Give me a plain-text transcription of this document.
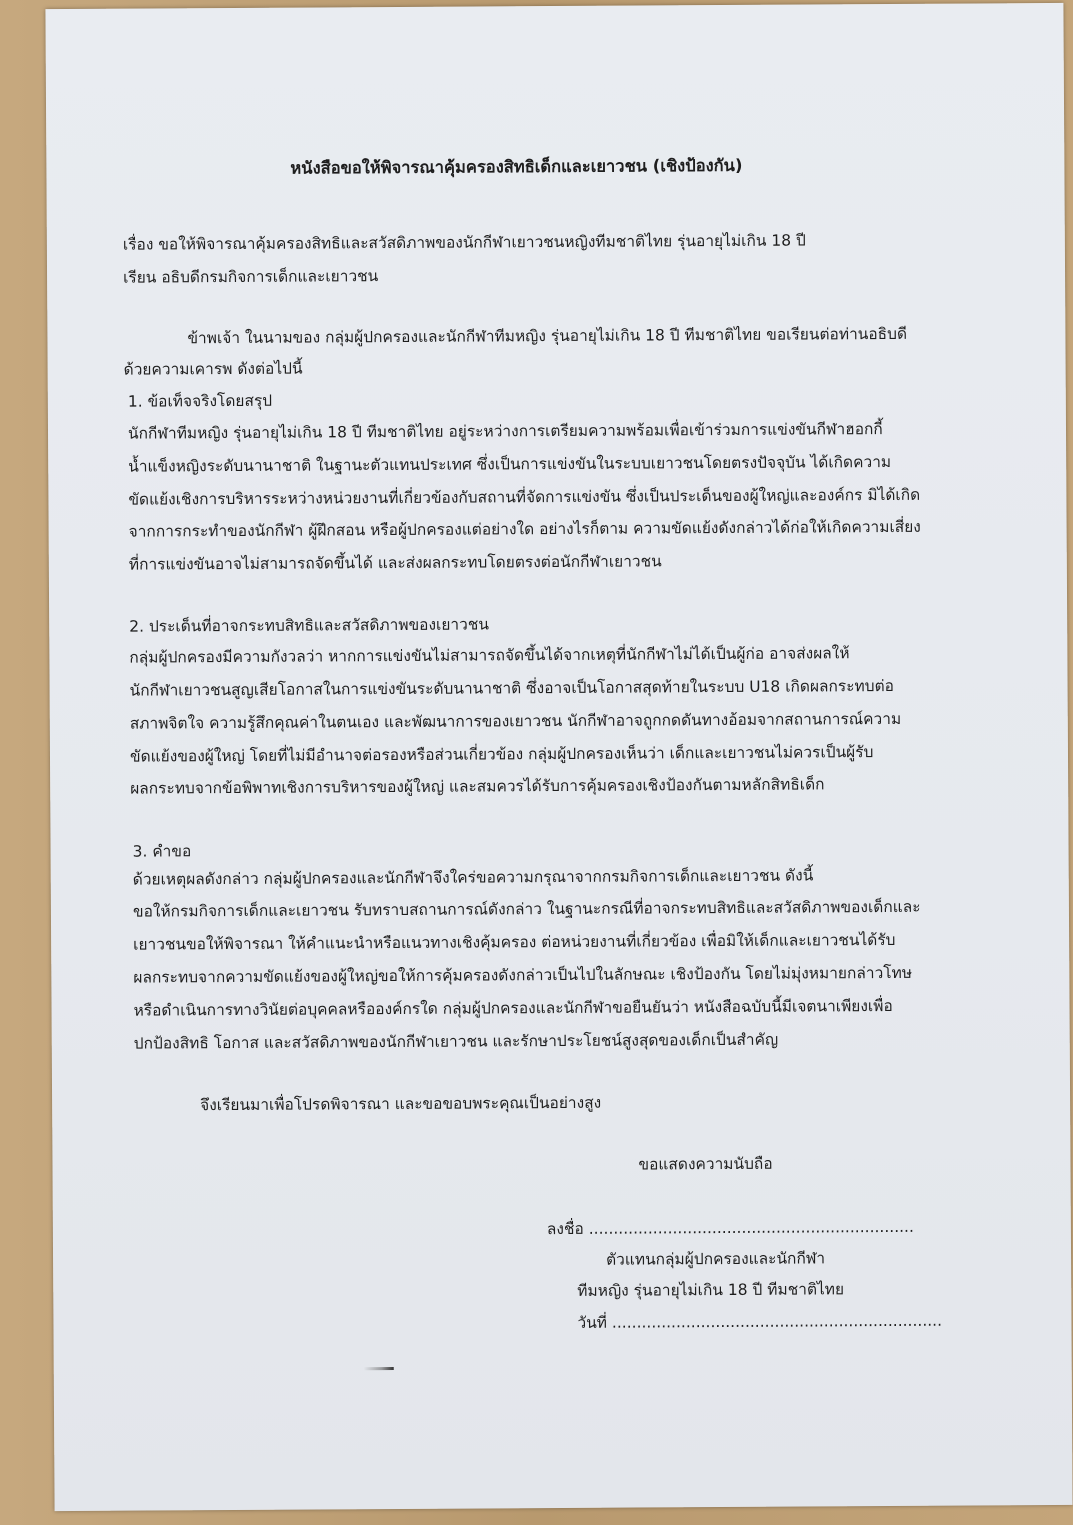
หนังสือขอให้พิจารณาคุ้มครองสิทธิเด็กและเยาวชน (เชิงป้องกัน)
เรื่อง ขอให้พิจารณาคุ้มครองสิทธิและสวัสดิภาพของนักกีฬาเยาวชนหญิงทีมชาติไทย รุ่นอายุไม่เกิน 18 ปี
เรียน อธิบดีกรมกิจการเด็กและเยาวชน
ข้าพเจ้า ในนามของ กลุ่มผู้ปกครองและนักกีฬาทีมหญิง รุ่นอายุไม่เกิน 18 ปี ทีมชาติไทย ขอเรียนต่อท่านอธิบดี
ด้วยความเคารพ ดังต่อไปนี้
1. ข้อเท็จจริงโดยสรุป
นักกีฬาทีมหญิง รุ่นอายุไม่เกิน 18 ปี ทีมชาติไทย อยู่ระหว่างการเตรียมความพร้อมเพื่อเข้าร่วมการแข่งขันกีฬาฮอกกี้
น้ำแข็งหญิงระดับนานาชาติ ในฐานะตัวแทนประเทศ ซึ่งเป็นการแข่งขันในระบบเยาวชนโดยตรงปัจจุบัน ได้เกิดความ
ขัดแย้งเชิงการบริหารระหว่างหน่วยงานที่เกี่ยวข้องกับสถานที่จัดการแข่งขัน ซึ่งเป็นประเด็นของผู้ใหญ่และองค์กร มิได้เกิด
จากการกระทำของนักกีฬา ผู้ฝึกสอน หรือผู้ปกครองแต่อย่างใด อย่างไรก็ตาม ความขัดแย้งดังกล่าวได้ก่อให้เกิดความเสี่ยง
ที่การแข่งขันอาจไม่สามารถจัดขึ้นได้ และส่งผลกระทบโดยตรงต่อนักกีฬาเยาวชน
2. ประเด็นที่อาจกระทบสิทธิและสวัสดิภาพของเยาวชน
กลุ่มผู้ปกครองมีความกังวลว่า หากการแข่งขันไม่สามารถจัดขึ้นได้จากเหตุที่นักกีฬาไม่ได้เป็นผู้ก่อ อาจส่งผลให้
นักกีฬาเยาวชนสูญเสียโอกาสในการแข่งขันระดับนานาชาติ ซึ่งอาจเป็นโอกาสสุดท้ายในระบบ U18 เกิดผลกระทบต่อ
สภาพจิตใจ ความรู้สึกคุณค่าในตนเอง และพัฒนาการของเยาวชน นักกีฬาอาจถูกกดดันทางอ้อมจากสถานการณ์ความ
ขัดแย้งของผู้ใหญ่ โดยที่ไม่มีอำนาจต่อรองหรือส่วนเกี่ยวข้อง กลุ่มผู้ปกครองเห็นว่า เด็กและเยาวชนไม่ควรเป็นผู้รับ
ผลกระทบจากข้อพิพาทเชิงการบริหารของผู้ใหญ่ และสมควรได้รับการคุ้มครองเชิงป้องกันตามหลักสิทธิเด็ก
3. คำขอ
ด้วยเหตุผลดังกล่าว กลุ่มผู้ปกครองและนักกีฬาจึงใคร่ขอความกรุณาจากกรมกิจการเด็กและเยาวชน ดังนี้
ขอให้กรมกิจการเด็กและเยาวชน รับทราบสถานการณ์ดังกล่าว ในฐานะกรณีที่อาจกระทบสิทธิและสวัสดิภาพของเด็กและ
เยาวชนขอให้พิจารณา ให้คำแนะนำหรือแนวทางเชิงคุ้มครอง ต่อหน่วยงานที่เกี่ยวข้อง เพื่อมิให้เด็กและเยาวชนได้รับ
ผลกระทบจากความขัดแย้งของผู้ใหญ่ขอให้การคุ้มครองดังกล่าวเป็นไปในลักษณะ เชิงป้องกัน โดยไม่มุ่งหมายกล่าวโทษ
หรือดำเนินการทางวินัยต่อบุคคลหรือองค์กรใด กลุ่มผู้ปกครองและนักกีฬาขอยืนยันว่า หนังสือฉบับนี้มีเจตนาเพียงเพื่อ
ปกป้องสิทธิ โอกาส และสวัสดิภาพของนักกีฬาเยาวชน และรักษาประโยชน์สูงสุดของเด็กเป็นสำคัญ
จึงเรียนมาเพื่อโปรดพิจารณา และขอขอบพระคุณเป็นอย่างสูง
ขอแสดงความนับถือ
ลงชื่อ ..................................................................
ตัวแทนกลุ่มผู้ปกครองและนักกีฬา
ทีมหญิง รุ่นอายุไม่เกิน 18 ปี ทีมชาติไทย
วันที่ ...................................................................
